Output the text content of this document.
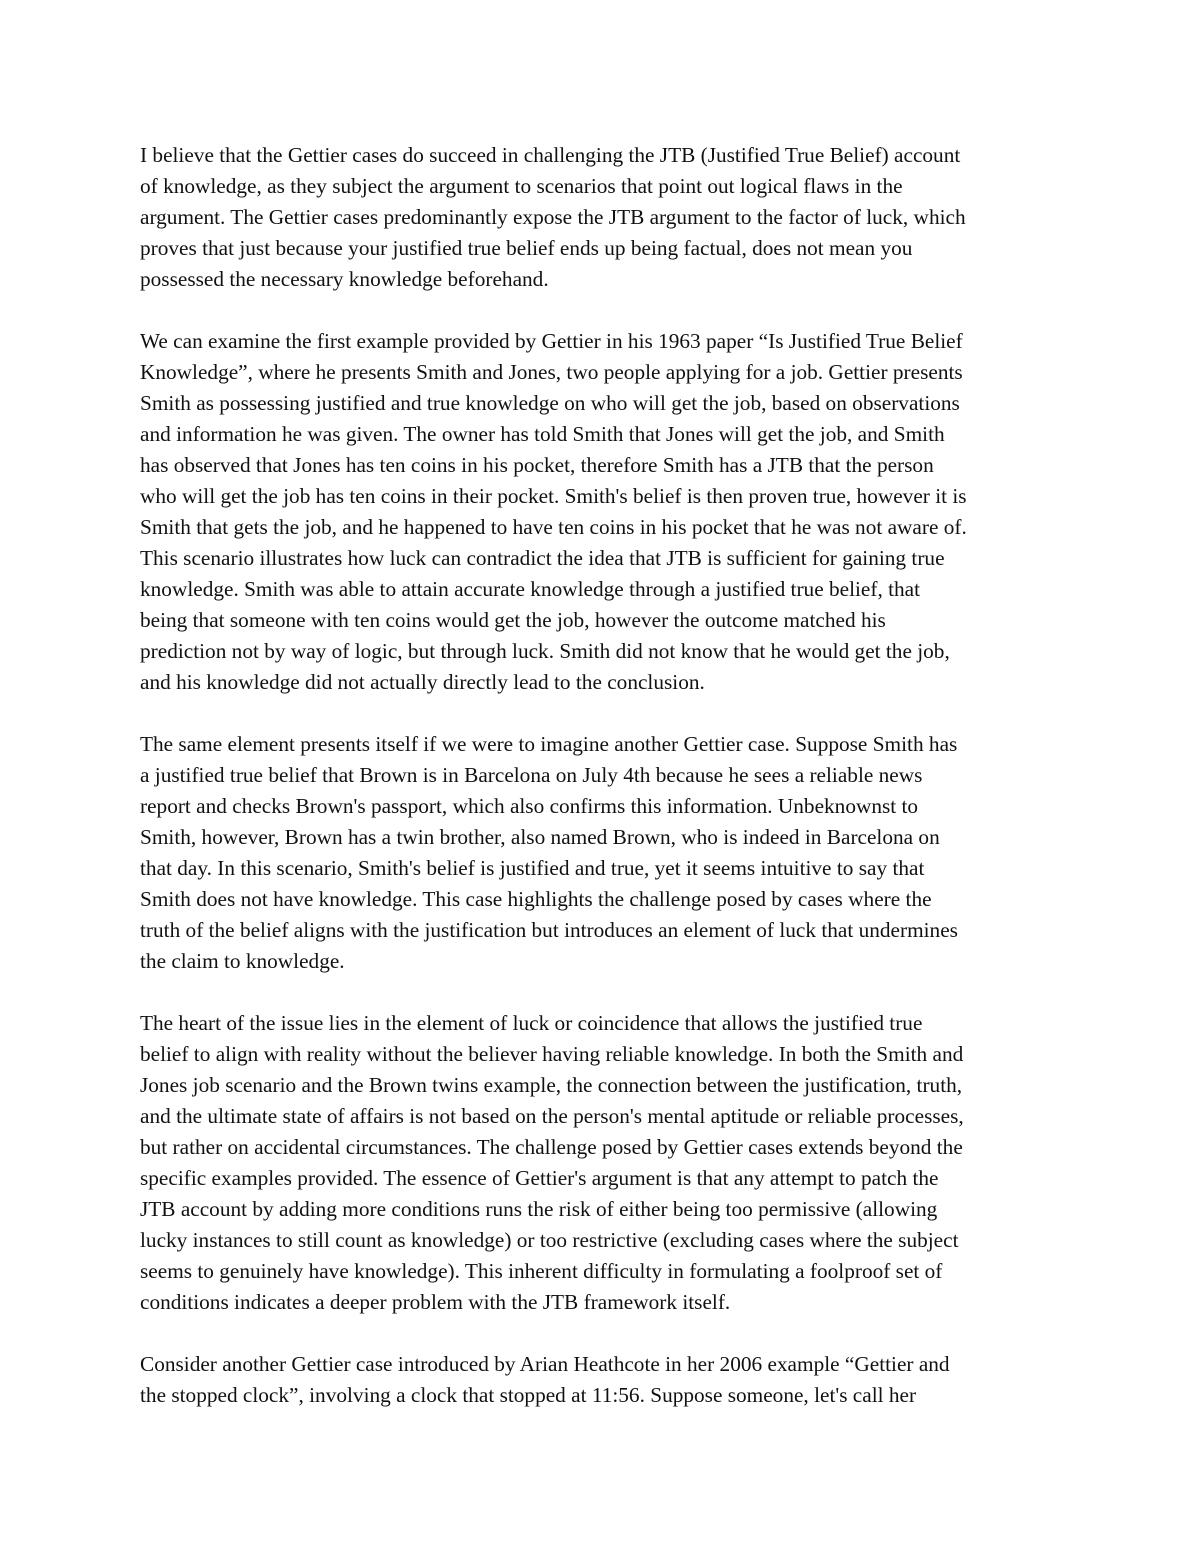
I believe that the Gettier cases do succeed in challenging the JTB (Justified True Belief) account
of knowledge, as they subject the argument to scenarios that point out logical flaws in the
argument. The Gettier cases predominantly expose the JTB argument to the factor of luck, which
proves that just because your justified true belief ends up being factual, does not mean you
possessed the necessary knowledge beforehand.

We can examine the first example provided by Gettier in his 1963 paper “Is Justified True Belief
Knowledge”, where he presents Smith and Jones, two people applying for a job. Gettier presents
Smith as possessing justified and true knowledge on who will get the job, based on observations
and information he was given. The owner has told Smith that Jones will get the job, and Smith
has observed that Jones has ten coins in his pocket, therefore Smith has a JTB that the person
who will get the job has ten coins in their pocket. Smith's belief is then proven true, however it is
Smith that gets the job, and he happened to have ten coins in his pocket that he was not aware of.
This scenario illustrates how luck can contradict the idea that JTB is sufficient for gaining true
knowledge. Smith was able to attain accurate knowledge through a justified true belief, that
being that someone with ten coins would get the job, however the outcome matched his
prediction not by way of logic, but through luck. Smith did not know that he would get the job,
and his knowledge did not actually directly lead to the conclusion.

The same element presents itself if we were to imagine another Gettier case. Suppose Smith has
a justified true belief that Brown is in Barcelona on July 4th because he sees a reliable news
report and checks Brown's passport, which also confirms this information. Unbeknownst to
Smith, however, Brown has a twin brother, also named Brown, who is indeed in Barcelona on
that day. In this scenario, Smith's belief is justified and true, yet it seems intuitive to say that
Smith does not have knowledge. This case highlights the challenge posed by cases where the
truth of the belief aligns with the justification but introduces an element of luck that undermines
the claim to knowledge.

The heart of the issue lies in the element of luck or coincidence that allows the justified true
belief to align with reality without the believer having reliable knowledge. In both the Smith and
Jones job scenario and the Brown twins example, the connection between the justification, truth,
and the ultimate state of affairs is not based on the person's mental aptitude or reliable processes,
but rather on accidental circumstances. The challenge posed by Gettier cases extends beyond the
specific examples provided. The essence of Gettier's argument is that any attempt to patch the
JTB account by adding more conditions runs the risk of either being too permissive (allowing
lucky instances to still count as knowledge) or too restrictive (excluding cases where the subject
seems to genuinely have knowledge). This inherent difficulty in formulating a foolproof set of
conditions indicates a deeper problem with the JTB framework itself.

Consider another Gettier case introduced by Arian Heathcote in her 2006 example “Gettier and
the stopped clock”, involving a clock that stopped at 11:56. Suppose someone, let's call her
